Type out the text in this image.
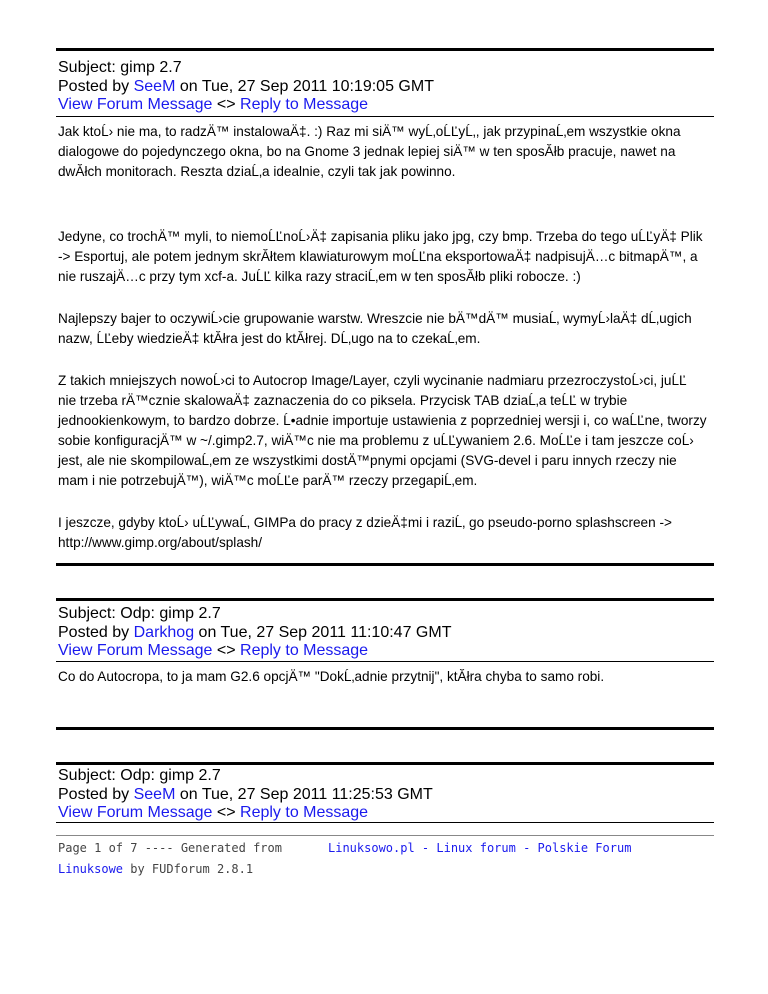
Subject: gimp 2.7
Posted by SeeM on Tue, 27 Sep 2011 10:19:05 GMT
View Forum Message <> Reply to Message

Jak ktoĹ› nie ma, to radzÄ™ instalowaÄ‡. :) Raz mi siÄ™ wyĹ‚oĹĽyĹ‚, jak przypinaĹ‚em wszystkie okna dialogowe do pojedynczego okna, bo na Gnome 3 jednak lepiej siÄ™ w ten sposĂłb pracuje, nawet na dwĂłch monitorach. Reszta dziaĹ‚a idealnie, czyli tak jak powinno.

Jedyne, co trochÄ™ myli, to niemoĹĽnoĹ›Ä‡ zapisania pliku jako jpg, czy bmp. Trzeba do tego uĹĽyÄ‡ Plik -> Esportuj, ale potem jednym skrĂłtem klawiaturowym moĹĽna eksportowaÄ‡ nadpisujÄ…c bitmapÄ™, a nie ruszajÄ…c przy tym xcf-a. JuĹĽ kilka razy straciĹ‚em w ten sposĂłb pliki robocze. :)

Najlepszy bajer to oczywiĹ›cie grupowanie warstw. Wreszcie nie bÄ™dÄ™ musiaĹ‚ wymyĹ›laÄ‡ dĹ‚ugich nazw, ĹĽeby wiedzieÄ‡ ktĂłra jest do ktĂłrej. DĹ‚ugo na to czekaĹ‚em.

Z takich mniejszych nowoĹ›ci to Autocrop Image/Layer, czyli wycinanie nadmiaru przezroczystoĹ›ci, juĹĽ nie trzeba rÄ™cznie skalowaÄ‡ zaznaczenia do co piksela. Przycisk TAB dziaĹ‚a teĹĽ w trybie jednookienkowym, to bardzo dobrze. Ĺ•adnie importuje ustawienia z poprzedniej wersji i, co waĹĽne, tworzy sobie konfiguracjÄ™ w ~/.gimp2.7, wiÄ™c nie ma problemu z uĹĽywaniem 2.6. MoĹĽe i tam jeszcze coĹ› jest, ale nie skompilowaĹ‚em ze wszystkimi dostÄ™pnymi opcjami (SVG-devel i paru innych rzeczy nie mam i nie potrzebujÄ™), wiÄ™c moĹĽe parÄ™ rzeczy przegapiĹ‚em.

I jeszcze, gdyby ktoĹ› uĹĽywaĹ‚ GIMPa do pracy z dzieÄ‡mi i raziĹ‚ go pseudo-porno splashscreen -> http://www.gimp.org/about/splash/

Subject: Odp: gimp 2.7
Posted by Darkhog on Tue, 27 Sep 2011 11:10:47 GMT
View Forum Message <> Reply to Message

Co do Autocropa, to ja mam G2.6 opcjÄ™ "DokĹ‚adnie przytnij", ktĂłra chyba to samo robi.

Subject: Odp: gimp 2.7
Posted by SeeM on Tue, 27 Sep 2011 11:25:53 GMT
View Forum Message <> Reply to Message
Page 1 of 7 ---- Generated from
Linuksowe by FUDforum 2.8.1
Linuksowo.pl - Linux forum - Polskie Forum
